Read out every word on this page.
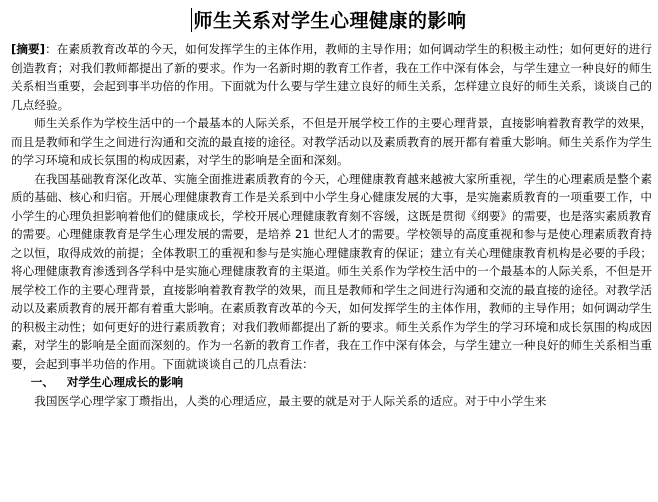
师生关系对学生心理健康的影响

[摘要]：在素质教育改革的今天，如何发挥学生的主体作用，教师的主导作用；如何调动学生的积极主动性；如何更好的进行创造教育；对我们教师都提出了新的要求。作为一名新时期的教育工作者，我在工作中深有体会，与学生建立一种良好的师生关系相当重要，会起到事半功倍的作用。下面就为什么要与学生建立良好的师生关系，怎样建立良好的师生关系，谈谈自己的几点经验。

师生关系作为学校生活中的一个最基本的人际关系，不但是开展学校工作的主要心理背景，直接影响着教育教学的效果，而且是教师和学生之间进行沟通和交流的最直接的途径。对教学活动以及素质教育的展开都有着重大影响。师生关系作为学生的学习环境和成长氛围的构成因素，对学生的影响是全面和深刻。

在我国基础教育深化改革、实施全面推进素质教育的今天，心理健康教育越来越被大家所重视，学生的心理素质是整个素质的基础、核心和归宿。开展心理健康教育工作是关系到中小学生身心健康发展的大事，是实施素质教育的一项重要工作，中小学生的心理负担影响着他们的健康成长，学校开展心理健康教育刻不容缓，这既是贯彻《纲要》的需要，也是落实素质教育的需要。心理健康教育是学生心理发展的需要，是培养 21 世纪人才的需要。学校领导的高度重视和参与是使心理素质教育持之以恒，取得成效的前提；全体教职工的重视和参与是实施心理健康教育的保证；建立有关心理健康教育机构是必要的手段；将心理健康教育渗透到各学科中是实施心理健康教育的主渠道。师生关系作为学校生活中的一个最基本的人际关系，不但是开展学校工作的主要心理背景，直接影响着教育教学的效果，而且是教师和学生之间进行沟通和交流的最直接的途径。对教学活动以及素质教育的展开都有着重大影响。在素质教育改革的今天，如何发挥学生的主体作用，教师的主导作用；如何调动学生的积极主动性；如何更好的进行素质教育；对我们教师都提出了新的要求。师生关系作为学生的学习环境和成长氛围的构成因素，对学生的影响是全面而深刻的。作为一名新的教育工作者，我在工作中深有体会，与学生建立一种良好的师生关系相当重要，会起到事半功倍的作用。下面就谈谈自己的几点看法：

一、 对学生心理成长的影响

我国医学心理学家丁瓒指出，人类的心理适应，最主要的就是对于人际关系的适应。对于中小学生来
